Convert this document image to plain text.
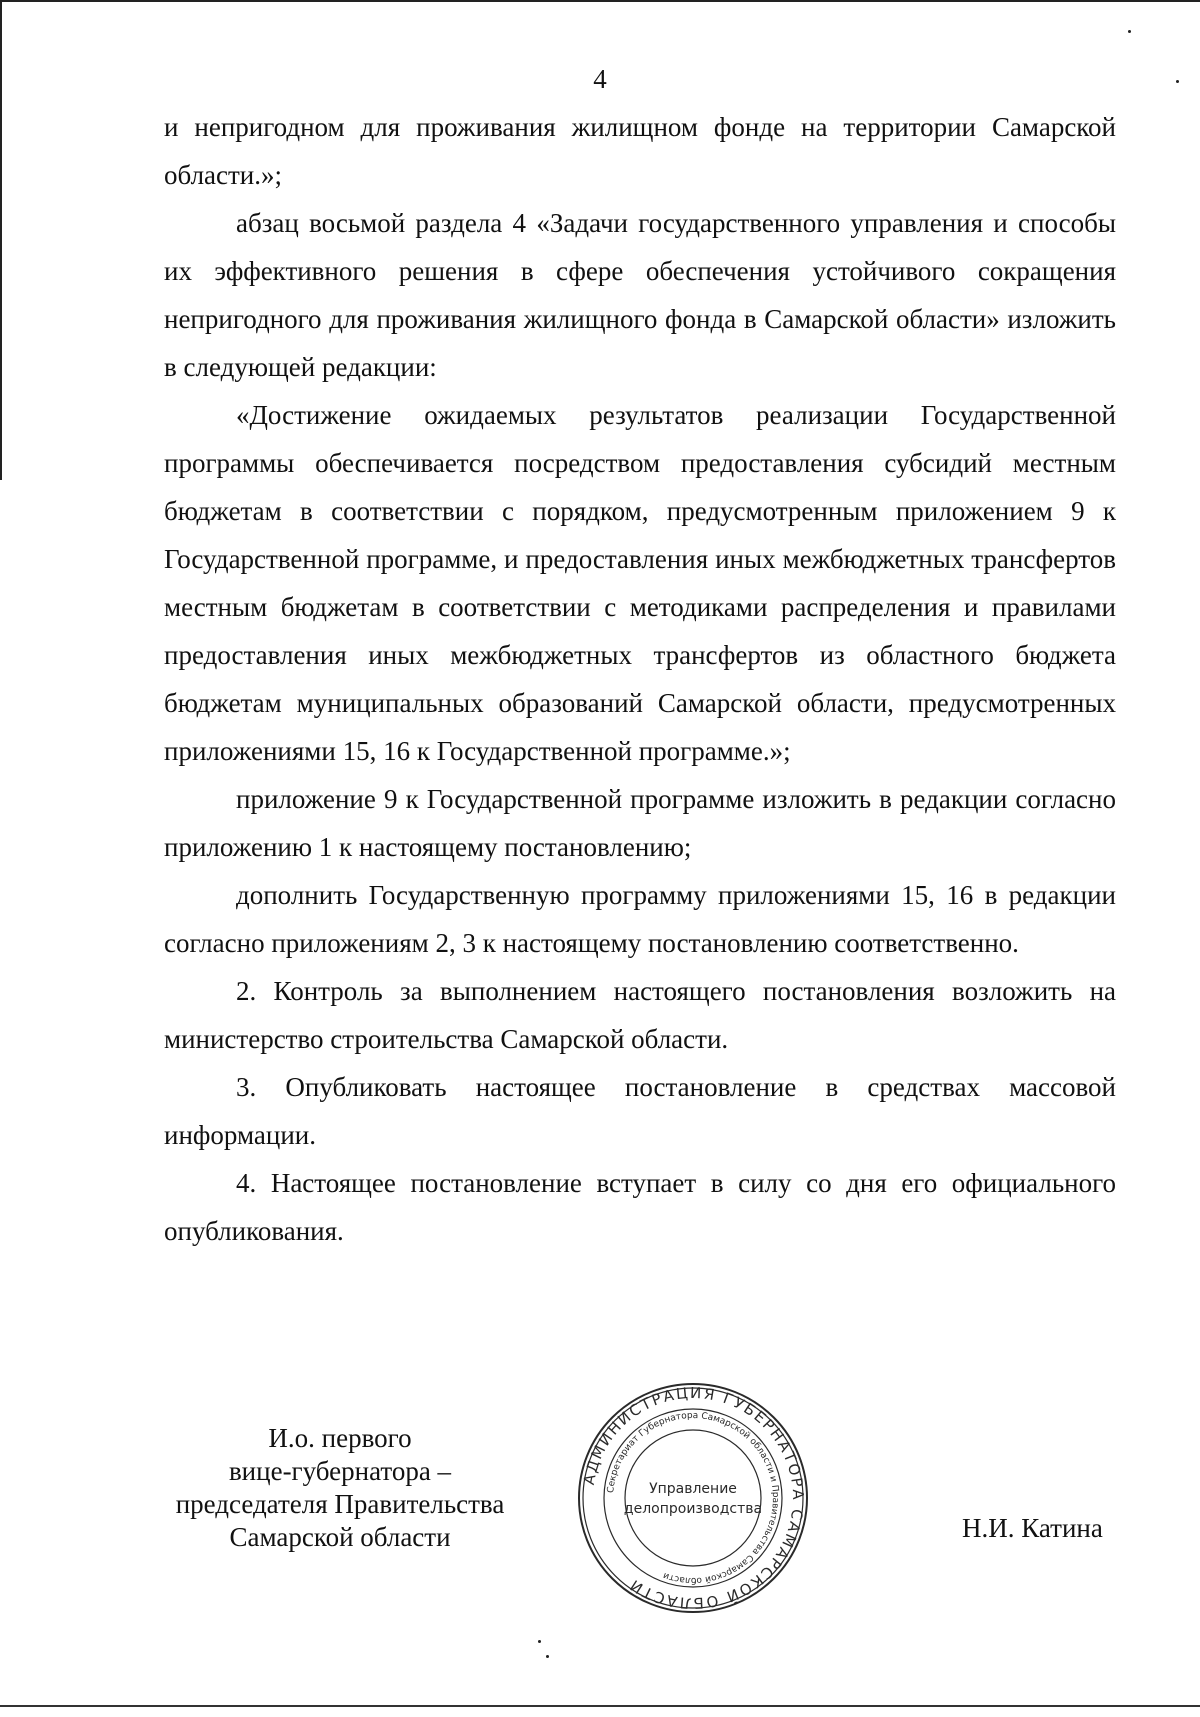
4

и непригодном для проживания жилищном фонде на территории Самарской области.»;

абзац восьмой раздела 4 «Задачи государственного управления и способы их эффективного решения в сфере обеспечения устойчивого сокращения непригодного для проживания жилищного фонда в Самарской области» изложить в следующей редакции:

«Достижение ожидаемых результатов реализации Государственной программы обеспечивается посредством предоставления субсидий местным бюджетам в соответствии с порядком, предусмотренным приложением 9 к Государственной программе, и предоставления иных межбюджетных трансфертов местным бюджетам в соответствии с методиками распределения и правилами предоставления иных межбюджетных трансфертов из областного бюджета бюджетам муниципальных образований Самарской области, предусмотренных приложениями 15, 16 к Государственной программе.»;

приложение 9 к Государственной программе изложить в редакции согласно приложению 1 к настоящему постановлению;

дополнить Государственную программу приложениями 15, 16 в редакции согласно приложениям 2, 3 к настоящему постановлению соответственно.

2. Контроль за выполнением настоящего постановления возложить на министерство строительства Самарской области.

3. Опубликовать настоящее постановление в средствах массовой информации.

4. Настоящее постановление вступает в силу со дня его официального опубликования.

И.о. первого
вице-губернатора –
председателя Правительства
Самарской области
АДМИНИСТРАЦИЯ ГУБЕРНАТОРА САМАРСКОЙ ОБЛАСТИ
Секретариат Губернатора Самарской области и Правительства Самарской области
Управление
делопроизводства
Н.И. Катина
